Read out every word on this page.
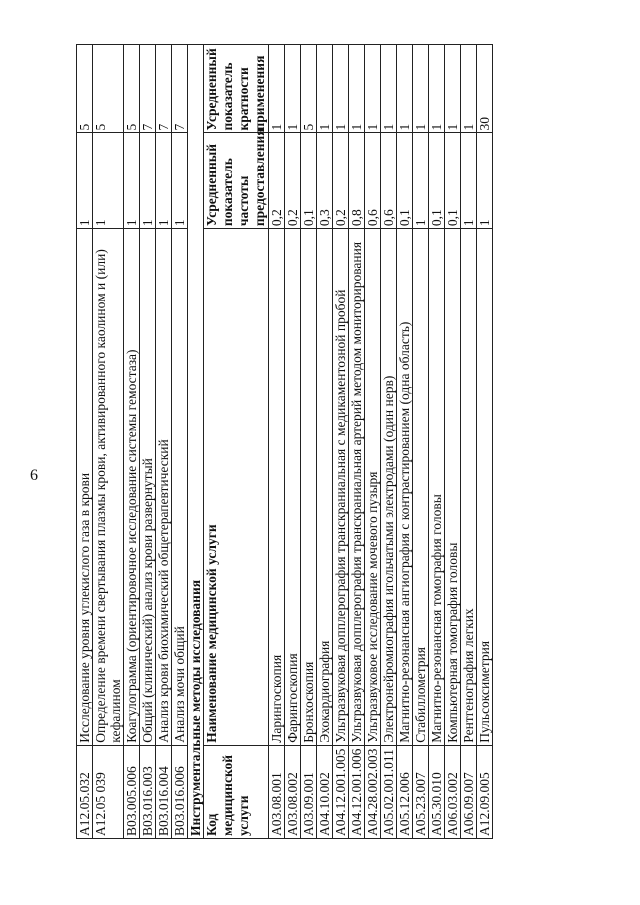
6
A12.05.032	Исследование уровня углекислого газа в крови	1	5
A12.05 039	Определение времени свертывания плазмы крови, активированного каолином и (или) кефалином	1	5
B03.005.006	Коагулограмма (ориентировочное исследование системы гемостаза)	1	5
B03.016.003	Общий (клинический) анализ крови развернутый	1	7
B03.016.004	Анализ крови биохимический общетерапевтический	1	7
B03.016.006	Анализ мочи общий	1	7
Инструментальные методы исследования			
Код медицинской услуги	Наименование медицинской услуги	Усредненный показатель частоты предоставления	Усредненный показатель кратности применения
A03.08.001	Ларингоскопия	0,2	1
A03.08.002	Фарингоскопия	0,2	1
A03.09.001	Бронхоскопия	0,1	5
A04.10.002	Эхокардиография	0,3	1
A04.12.001.005	Ультразвуковая допплерография транскраниальная с медикаментозной пробой	0,2	1
A04.12.001.006	Ультразвуковая допплерография транскраниальная артерий методом мониторирования	0,8	1
A04.28.002.003	Ультразвуковое исследование мочевого пузыря	0,6	1
A05.02.001.011	Электронейромиография игольчатыми электродами (один нерв)	0,6	1
A05.12.006	Магнитно-резонансная ангиография с контрастированием (одна область)	0,1	1
A05.23.007	Стабиллометрия	1	1
A05.30.010	Магнитно-резонансная томография головы	0,1	1
A06.03.002	Компьютерная томография головы	0,1	1
A06.09.007	Рентгенография легких	1	1
A12.09.005	Пульсоксиметрия	1	30
